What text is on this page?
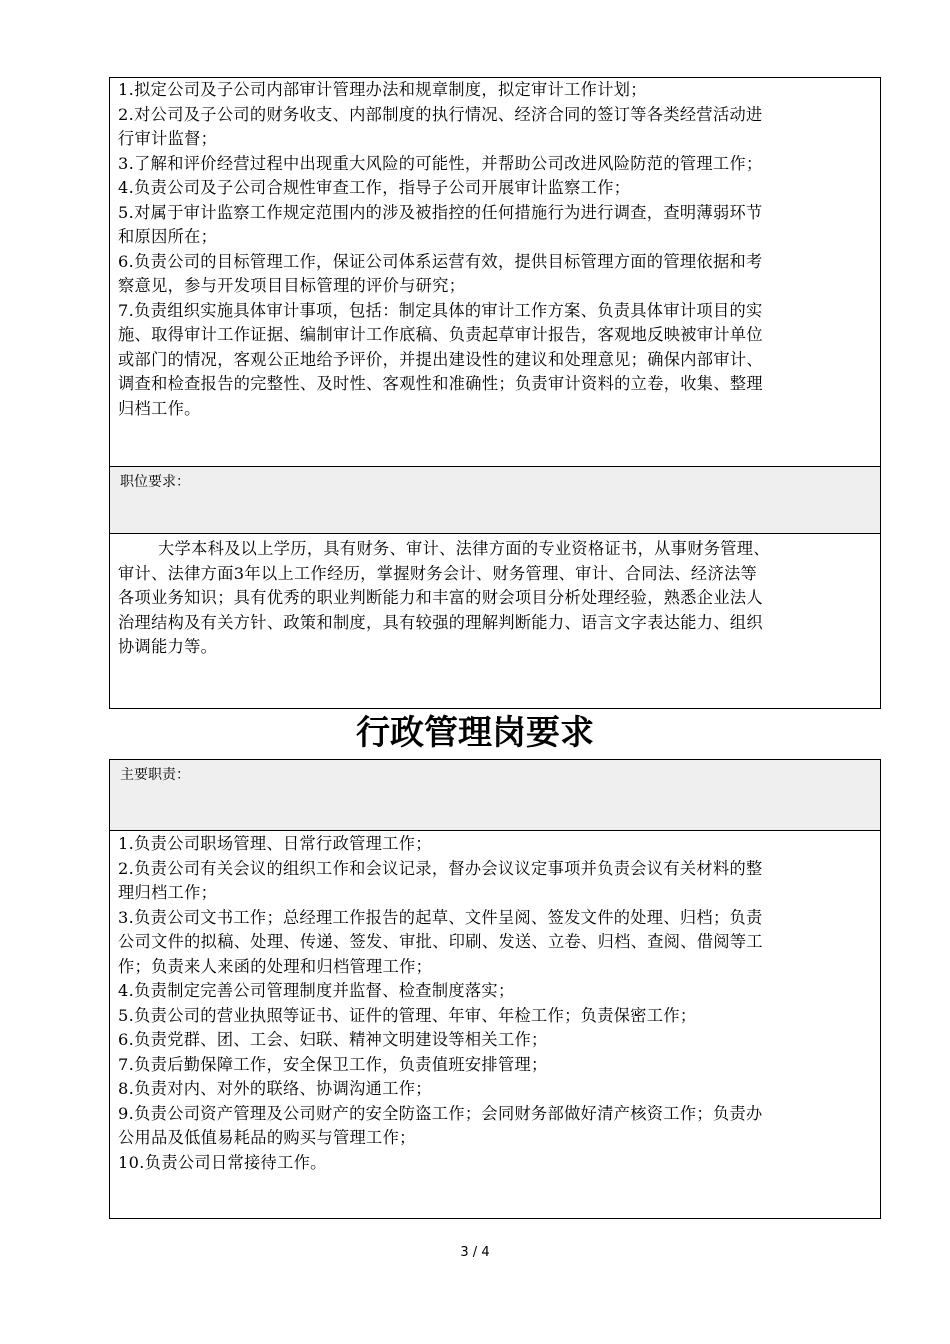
1.拟定公司及子公司内部审计管理办法和规章制度，拟定审计工作计划；
2.对公司及子公司的财务收支、内部制度的执行情况、经济合同的签订等各类经营活动进
行审计监督；
3.了解和评价经营过程中出现重大风险的可能性，并帮助公司改进风险防范的管理工作；
4.负责公司及子公司合规性审查工作，指导子公司开展审计监察工作；
5.对属于审计监察工作规定范围内的涉及被指控的任何措施行为进行调查，查明薄弱环节
和原因所在；
6.负责公司的目标管理工作，保证公司体系运营有效，提供目标管理方面的管理依据和考
察意见，参与开发项目目标管理的评价与研究；
7.负责组织实施具体审计事项，包括：制定具体的审计工作方案、负责具体审计项目的实
施、取得审计工作证据、编制审计工作底稿、负责起草审计报告，客观地反映被审计单位
或部门的情况，客观公正地给予评价，并提出建设性的建议和处理意见；确保内部审计、
调查和检查报告的完整性、及时性、客观性和准确性；负责审计资料的立卷，收集、整理
归档工作。
职位要求：
大学本科及以上学历，具有财务、审计、法律方面的专业资格证书，从事财务管理、
审计、法律方面3年以上工作经历，掌握财务会计、财务管理、审计、合同法、经济法等
各项业务知识；具有优秀的职业判断能力和丰富的财会项目分析处理经验，熟悉企业法人
治理结构及有关方针、政策和制度，具有较强的理解判断能力、语言文字表达能力、组织
协调能力等。
行政管理岗要求
主要职责：
1.负责公司职场管理、日常行政管理工作；
2.负责公司有关会议的组织工作和会议记录，督办会议议定事项并负责会议有关材料的整
理归档工作；
3.负责公司文书工作；总经理工作报告的起草、文件呈阅、签发文件的处理、归档；负责
公司文件的拟稿、处理、传递、签发、审批、印刷、发送、立卷、归档、查阅、借阅等工
作；负责来人来函的处理和归档管理工作；
4.负责制定完善公司管理制度并监督、检查制度落实；
5.负责公司的营业执照等证书、证件的管理、年审、年检工作；负责保密工作；
6.负责党群、团、工会、妇联、精神文明建设等相关工作；
7.负责后勤保障工作，安全保卫工作，负责值班安排管理；
8.负责对内、对外的联络、协调沟通工作；
9.负责公司资产管理及公司财产的安全防盗工作；会同财务部做好清产核资工作；负责办
公用品及低值易耗品的购买与管理工作；
10.负责公司日常接待工作。
3 / 4
